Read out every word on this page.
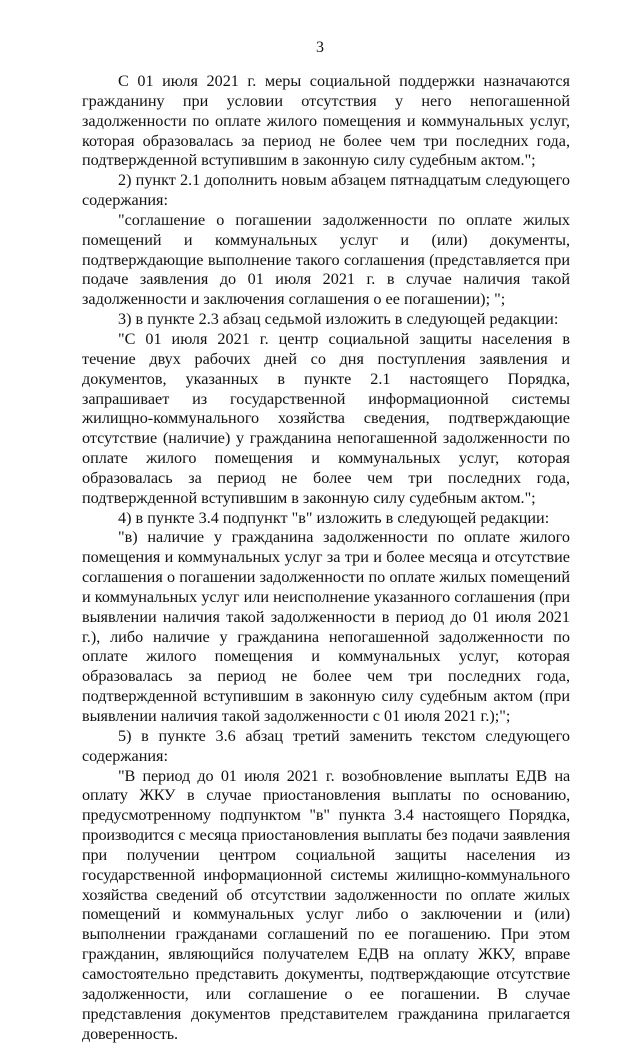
3

С 01 июля 2021 г. меры социальной поддержки назначаются гражданину при условии отсутствия у него непогашенной задолженности по оплате жилого помещения и коммунальных услуг, которая образовалась за период не более чем три последних года, подтвержденной вступившим в законную силу судебным актом.";

2) пункт 2.1 дополнить новым абзацем пятнадцатым следующего содержания:

"соглашение о погашении задолженности по оплате жилых помещений и коммунальных услуг и (или) документы, подтверждающие выполнение такого соглашения (представляется при подаче заявления до 01 июля 2021 г. в случае наличия такой задолженности и заключения соглашения о ее погашении); ";

3) в пункте 2.3 абзац седьмой изложить в следующей редакции:

"С 01 июля 2021 г. центр социальной защиты населения в течение двух рабочих дней со дня поступления заявления и документов, указанных в пункте 2.1 настоящего Порядка, запрашивает из государственной информационной системы жилищно-коммунального хозяйства сведения, подтверждающие отсутствие (наличие) у гражданина непогашенной задолженности по оплате жилого помещения и коммунальных услуг, которая образовалась за период не более чем три последних года, подтвержденной вступившим в законную силу судебным актом.";

4) в пункте 3.4 подпункт "в" изложить в следующей редакции:

"в) наличие у гражданина задолженности по оплате жилого помещения и коммунальных услуг за три и более месяца и отсутствие соглашения о погашении задолженности по оплате жилых помещений и коммунальных услуг или неисполнение указанного соглашения (при выявлении наличия такой задолженности в период до 01 июля 2021 г.), либо наличие у гражданина непогашенной задолженности по оплате жилого помещения и коммунальных услуг, которая образовалась за период не более чем три последних года, подтвержденной вступившим в законную силу судебным актом (при выявлении наличия такой задолженности с 01 июля 2021 г.);";

5) в пункте 3.6 абзац третий заменить текстом следующего содержания:

"В период до 01 июля 2021 г. возобновление выплаты ЕДВ на оплату ЖКУ в случае приостановления выплаты по основанию, предусмотренному подпунктом "в" пункта 3.4 настоящего Порядка, производится с месяца приостановления выплаты без подачи заявления при получении центром социальной защиты населения из государственной информационной системы жилищно-коммунального хозяйства сведений об отсутствии задолженности по оплате жилых помещений и коммунальных услуг либо о заключении и (или) выполнении гражданами соглашений по ее погашению. При этом гражданин, являющийся получателем ЕДВ на оплату ЖКУ, вправе самостоятельно представить документы, подтверждающие отсутствие задолженности, или соглашение о ее погашении. В случае представления документов представителем гражданина прилагается доверенность.
